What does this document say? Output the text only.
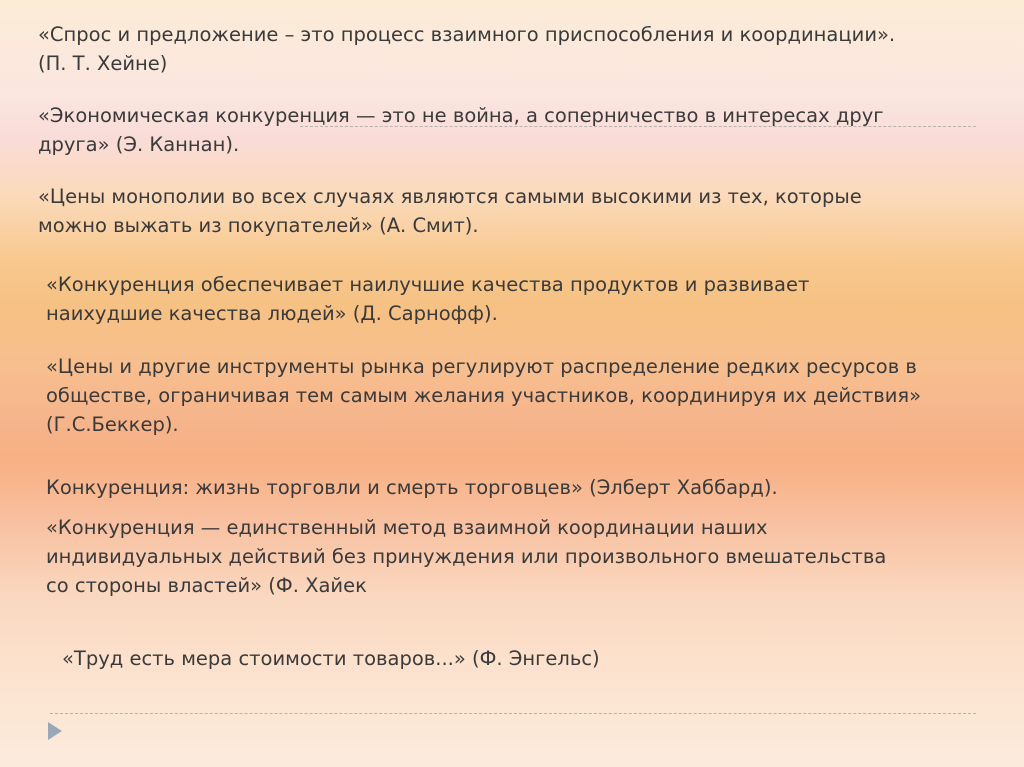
«Спрос и предложение – это процесс взаимного приспособления и координации».
(П. Т. Хейне)

«Экономическая конкуренция — это не война, а соперничество в интересах друг
друга» (Э. Каннан).

«Цены монополии во всех случаях являются самыми высокими из тех, которые
можно выжать из покупателей» (А. Смит).

«Конкуренция обеспечивает наилучшие качества продуктов и развивает
наихудшие качества людей» (Д. Сарнофф).

«Цены и другие инструменты рынка регулируют распределение редких ресурсов в
обществе, ограничивая тем самым желания участников, координируя их действия»
(Г.С.Беккер).

Конкуренция: жизнь торговли и смерть торговцев» (Элберт Хаббард).

«Конкуренция — единственный метод взаимной координации наших
индивидуальных действий без принуждения или произвольного вмешательства
со стороны властей» (Ф. Хайек

«Труд есть мера стоимости товаров...» (Ф. Энгельс)
